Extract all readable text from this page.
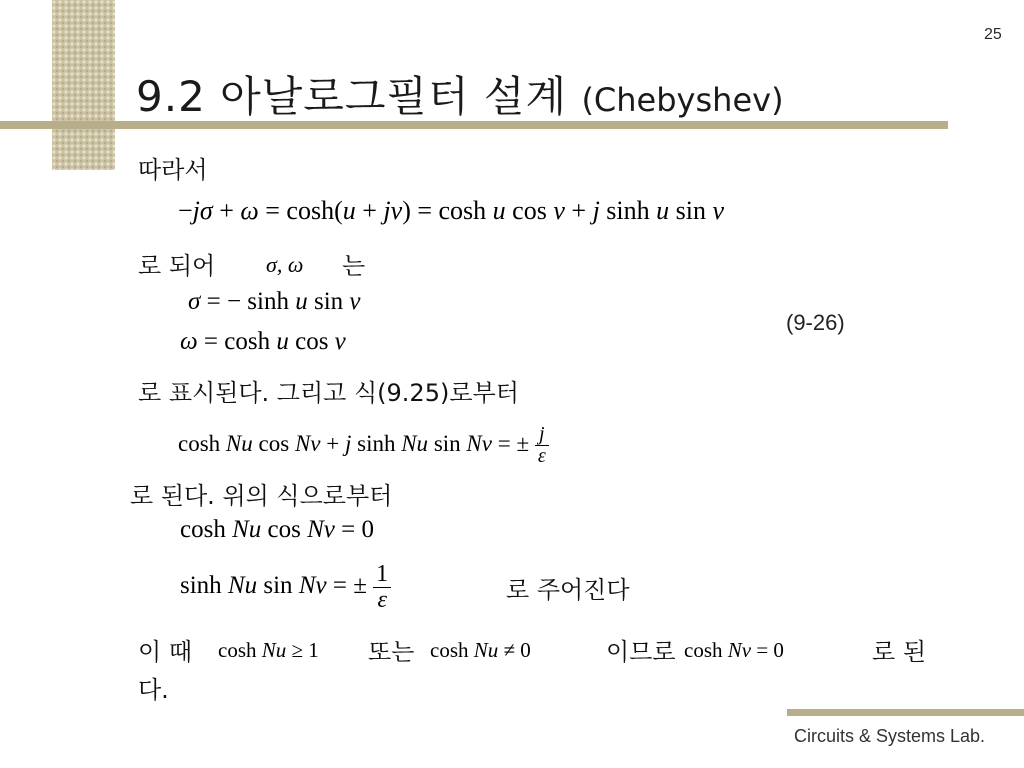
25
9.2 아날로그필터 설계 (Chebyshev)
따라서
−jσ + ω = cosh(u + jv) = cosh u cos v + j sinh u sin v
로 되어 σ, ω 는
σ = − sinh u sin v
(9-26)
ω = cosh u cos v
로 표시된다. 그리고 식(9.25)로부터
cosh Nu cos Nv + j sinh Nu sin Nv = ± $\frac{j}{\varepsilon}$
로 된다. 위의 식으로부터
cosh Nu cos Nv = 0
sinh Nu sin Nv = ± $\frac{1}{\varepsilon}$	로 주어진다
이 때 cosh Nu ≥ 1 또는 cosh Nu ≠ 0	이므로 cosh Nv = 0	로 된
다.
Circuits & Systems Lab.
